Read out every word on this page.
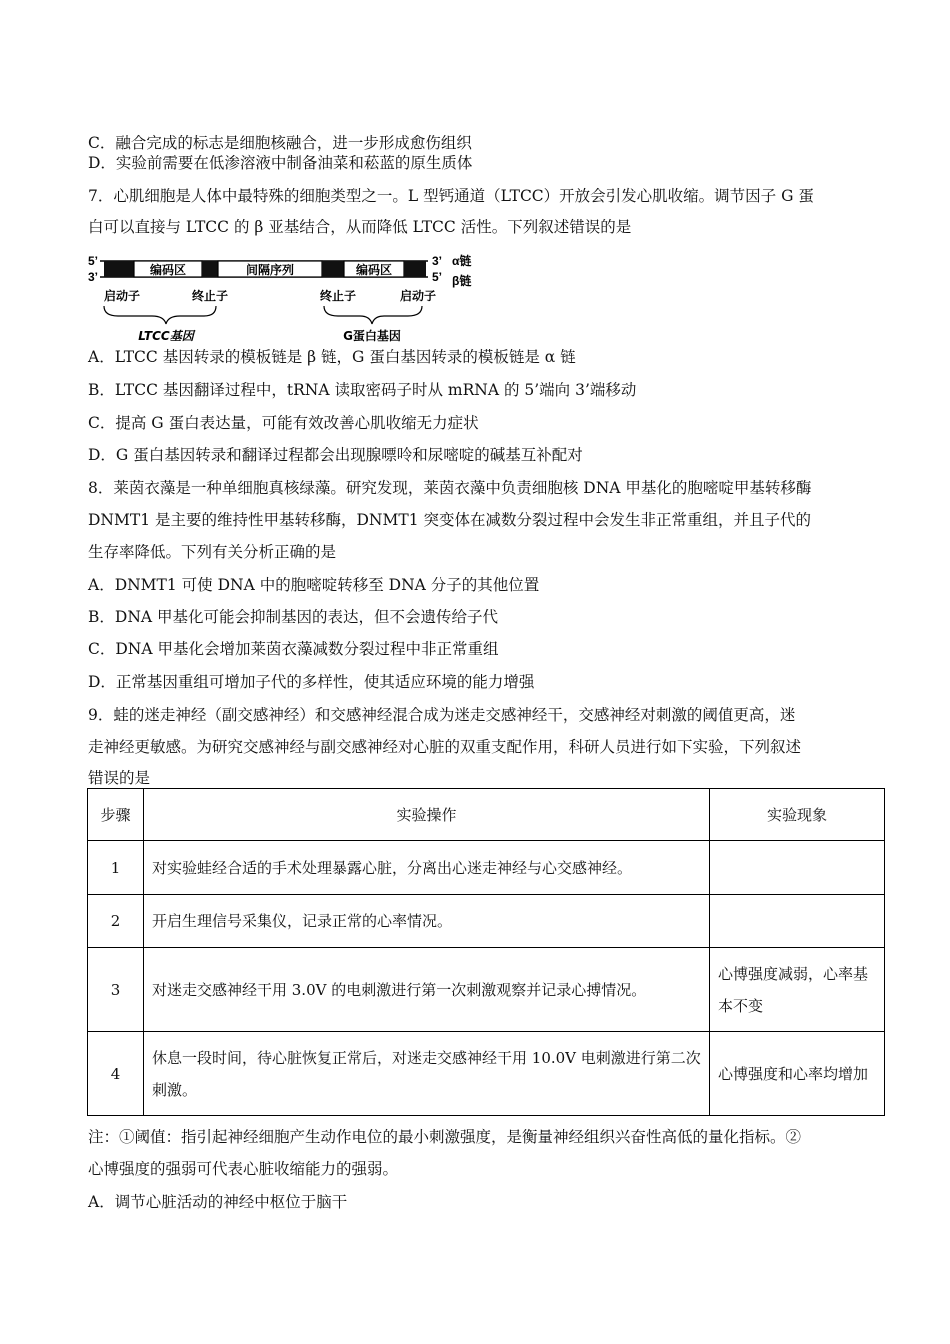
C．融合完成的标志是细胞核融合，进一步形成愈伤组织
D．实验前需要在低渗溶液中制备油菜和菘蓝的原生质体
7．心肌细胞是人体中最特殊的细胞类型之一。L 型钙通道（LTCC）开放会引发心肌收缩。调节因子 G 蛋
白可以直接与 LTCC 的 β 亚基结合，从而降低 LTCC 活性。下列叙述错误的是
5’
3’
3’
5’
α链
β链
编码区	间隔序列	编码区
启动子	终止子	终止子	启动子
LTCC基因	G蛋白基因
A．LTCC 基因转录的模板链是 β 链，G 蛋白基因转录的模板链是 α 链
B．LTCC 基因翻译过程中，tRNA 读取密码子时从 mRNA 的 5’端向 3’端移动
C．提高 G 蛋白表达量，可能有效改善心肌收缩无力症状
D．G 蛋白基因转录和翻译过程都会出现腺嘌呤和尿嘧啶的碱基互补配对
8．莱茵衣藻是一种单细胞真核绿藻。研究发现，莱茵衣藻中负责细胞核 DNA 甲基化的胞嘧啶甲基转移酶
DNMT1 是主要的维持性甲基转移酶，DNMT1 突变体在减数分裂过程中会发生非正常重组，并且子代的
生存率降低。下列有关分析正确的是
A．DNMT1 可使 DNA 中的胞嘧啶转移至 DNA 分子的其他位置
B．DNA 甲基化可能会抑制基因的表达，但不会遗传给子代
C．DNA 甲基化会增加莱茵衣藻减数分裂过程中非正常重组
D．正常基因重组可增加子代的多样性，使其适应环境的能力增强
9．蛙的迷走神经（副交感神经）和交感神经混合成为迷走交感神经干，交感神经对刺激的阈值更高，迷
走神经更敏感。为研究交感神经与副交感神经对心脏的双重支配作用，科研人员进行如下实验，下列叙述
错误的是
步骤	实验操作	实验现象
1	对实验蛙经合适的手术处理暴露心脏，分离出心迷走神经与心交感神经。	
2	开启生理信号采集仪，记录正常的心率情况。	
3	对迷走交感神经干用 3.0V 的电刺激进行第一次刺激观察并记录心搏情况。	心博强度减弱，心率基本不变
4	休息一段时间，待心脏恢复正常后，对迷走交感神经干用 10.0V 电刺激进行第二次刺激。	心博强度和心率均增加
注：①阈值：指引起神经细胞产生动作电位的最小刺激强度，是衡量神经组织兴奋性高低的量化指标。②
心博强度的强弱可代表心脏收缩能力的强弱。
A．调节心脏活动的神经中枢位于脑干
